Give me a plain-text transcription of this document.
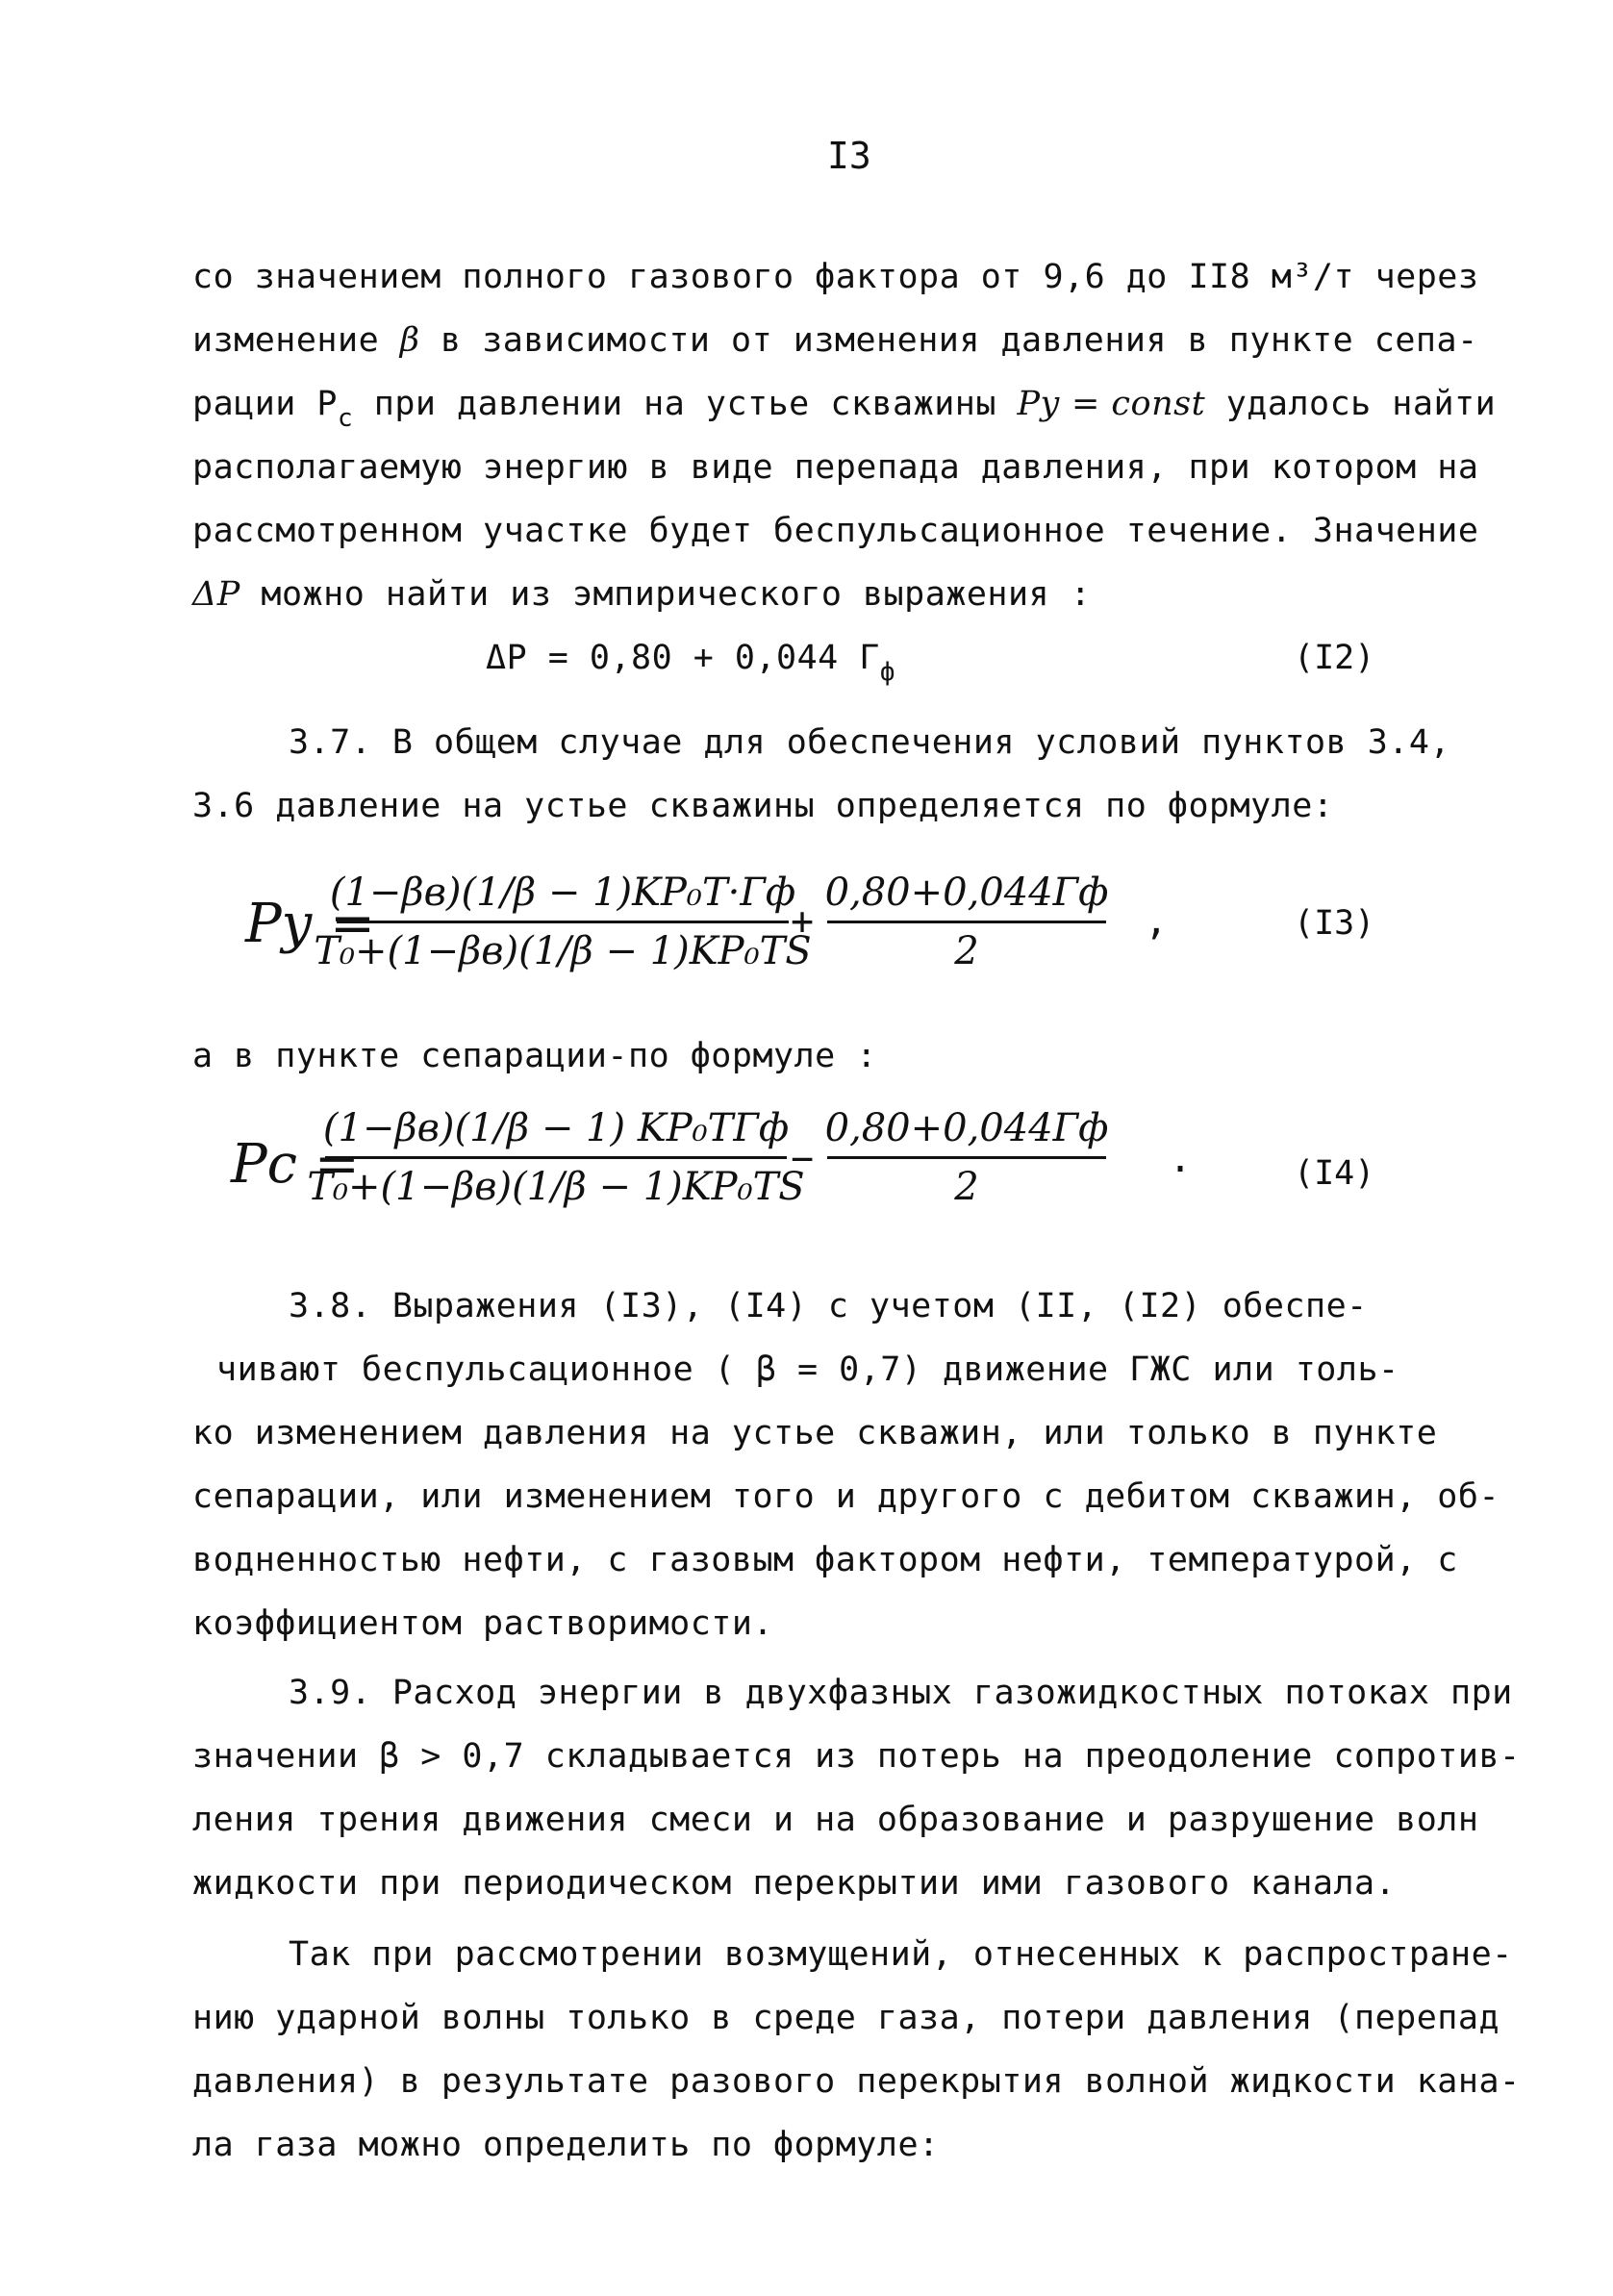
I3
со значением полного газового фактора от 9,6 до II8 м³/т через
изменение β в зависимости от изменения давления в пункте сепа-
рации $P_c$ при давлении на устье скважины Pу = const удалось найти
располагаемую энергию в виде перепада давления, при котором на
рассмотренном участке будет беспульсационное течение. Значение
ΔP можно найти из эмпирического выражения :
ΔP = 0,80 + 0,044 $Г_ф$	(I2)
3.7. В общем случае для обеспечения условий пунктов 3.4,
3.6 давление на устье скважины определяется по формуле:
Pу =
(1−βв)(1/β − 1)KP₀T·Гф
T₀+(1−βв)(1/β − 1)KP₀TS
+
0,80+0,044Гф
2
,	(I3)
а в пункте сепарации-по формуле :
Pc =
(1−βв)(1/β − 1) KP₀TГф
T₀+(1−βв)(1/β − 1)KP₀TS
−
0,80+0,044Гф
2
.	(I4)
3.8. Выражения (I3), (I4) с учетом (II, (I2) обеспе-
чивают беспульсационное ( β = 0,7) движение ГЖС или толь-
ко изменением давления на устье скважин, или только в пункте
сепарации, или изменением того и другого с дебитом скважин, об-
водненностью нефти, с газовым фактором нефти, температурой, с
коэффициентом растворимости.
3.9. Расход энергии в двухфазных газожидкостных потоках при
значении β > 0,7 складывается из потерь на преодоление сопротив-
ления трения движения смеси и на образование и разрушение волн
жидкости при периодическом перекрытии ими газового канала.
Так при рассмотрении возмущений, отнесенных к распростране-
нию ударной волны только в среде газа, потери давления (перепад
давления) в результате разового перекрытия волной жидкости кана-
ла газа можно определить по формуле:
